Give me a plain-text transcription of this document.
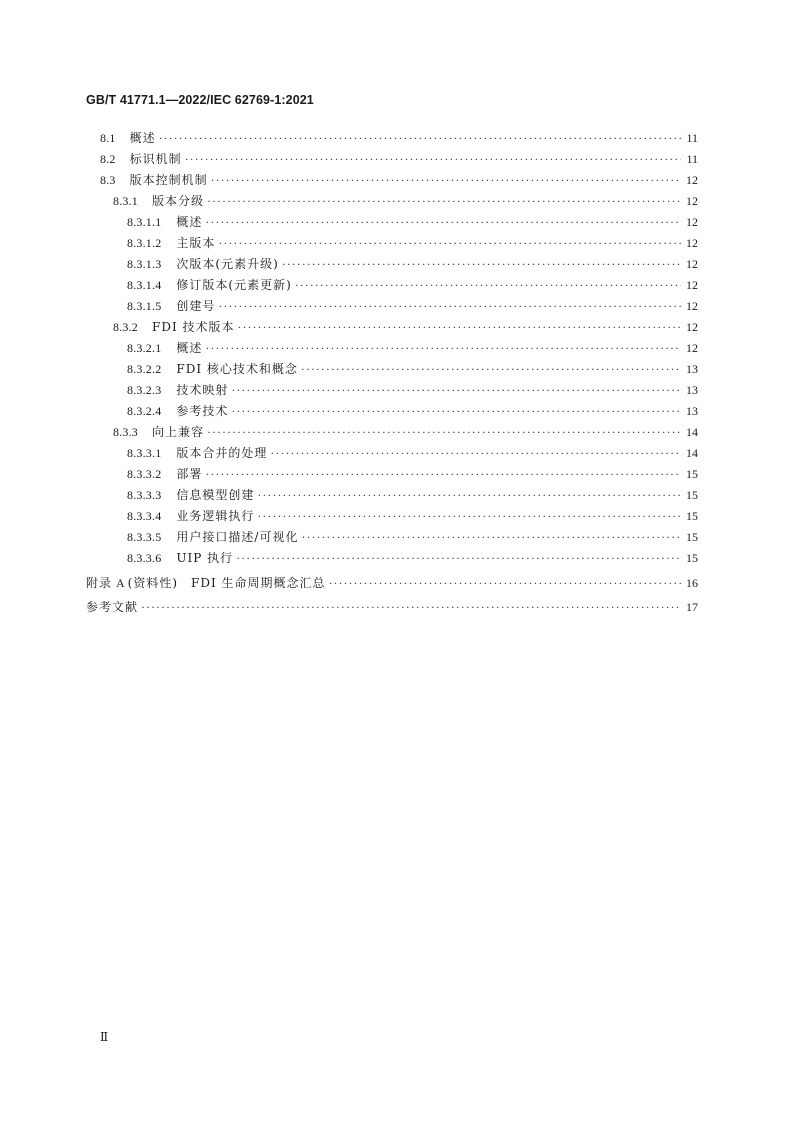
GB/T 41771.1—2022/IEC 62769-1:2021
8.1 概述 ·····	11
8.2 标识机制 ·····	11
8.3 版本控制机制 ·····	12
8.3.1 版本分级 ·····	12
8.3.1.1 概述 ·····	12
8.3.1.2 主版本 ·····	12
8.3.1.3 次版本(元素升级) ·····	12
8.3.1.4 修订版本(元素更新) ·····	12
8.3.1.5 创建号 ·····	12
8.3.2 FDI 技术版本 ·····	12
8.3.2.1 概述 ·····	12
8.3.2.2 FDI 核心技术和概念 ·····	13
8.3.2.3 技术映射 ·····	13
8.3.2.4 参考技术 ·····	13
8.3.3 向上兼容 ·····	14
8.3.3.1 版本合并的处理 ·····	14
8.3.3.2 部署 ·····	15
8.3.3.3 信息模型创建 ·····	15
8.3.3.4 业务逻辑执行 ·····	15
8.3.3.5 用户接口描述/可视化 ·····	15
8.3.3.6 UIP 执行 ·····	15
附录 A (资料性)　FDI 生命周期概念汇总 ·····	16
参考文献 ·····	17
Ⅱ
